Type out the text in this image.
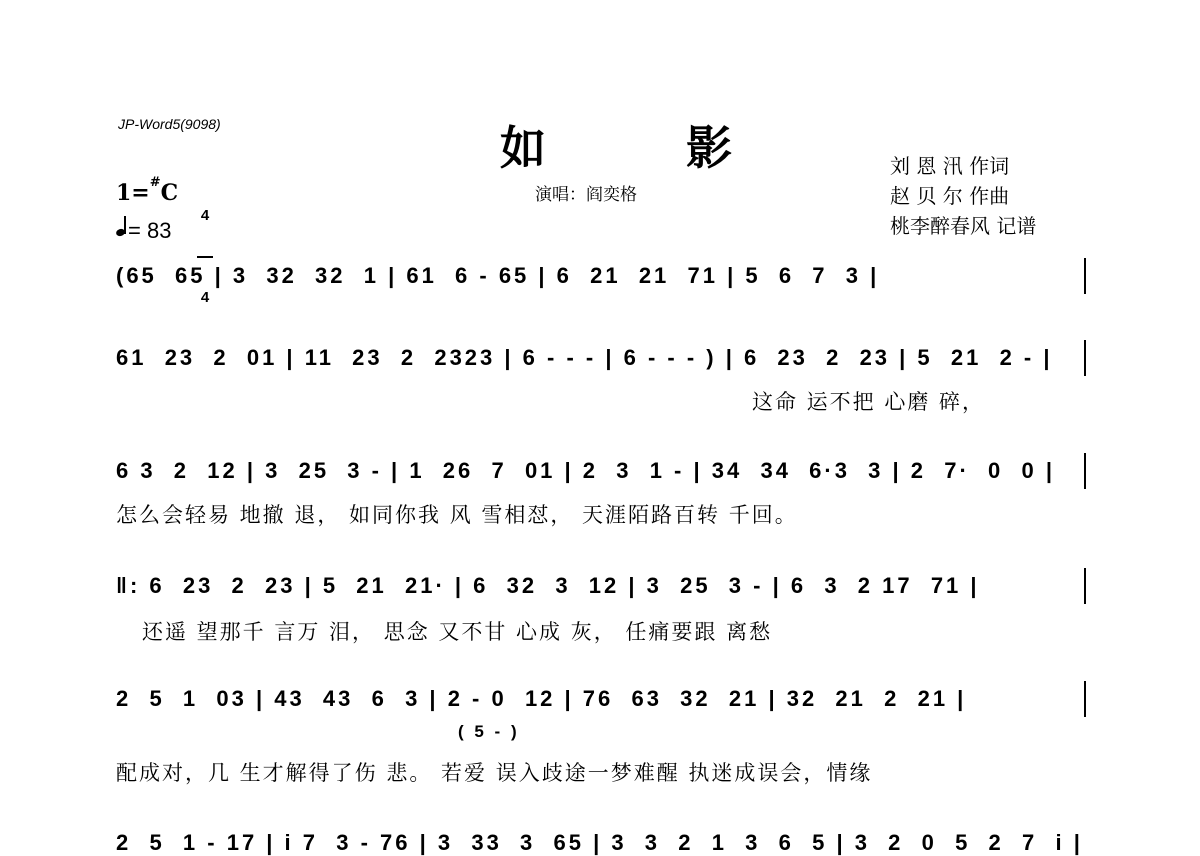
JP-Word5(9098)	如 影
演唱：阎奕格
刘 恩 汛 作词
赵 贝 尔 作曲
桃李醉春风 记谱
1=#C

4

4

= 83
(65  65 | 3  32  32  1 | 61  6 - 65 | 6  21  21  71 | 5  6  7  3 |
61  23  2  01 | 11  23  2  2323 | 6 - - - | 6 - - - ) | 6  23  2  23 | 5  21  2 - |
这命 运不把 心磨 碎，
6 3  2  12 | 3  25  3 - | 1  26  7  01 | 2  3  1 - | 34  34  6·3  3 | 2  7·  0  0 |
怎么会轻易 地撤 退， 如同你我 风 雪相怼， 天涯陌路百转 千回。
‖: 6  23  2  23 | 5  21  21· | 6  32  3  12 | 3  25  3 - | 6  3  2 17  71 |
还遥 望那千 言万 泪， 思念 又不甘 心成 灰， 任痛要跟 离愁
2  5  1  03 | 43  43  6  3 | 2 - 0  12 | 76  63  32  21 | 32  21  2  21 |
( 5 - )
配成对，几 生才解得了伤 悲。 若爱 误入歧途一梦难醒 执迷成误会，情缘
2  5  1 - 17 | i 7  3 - 76 | 3  33  3  65 | 3  3  2  1  3  6  5 | 3  2  0  5  2  7  i |
